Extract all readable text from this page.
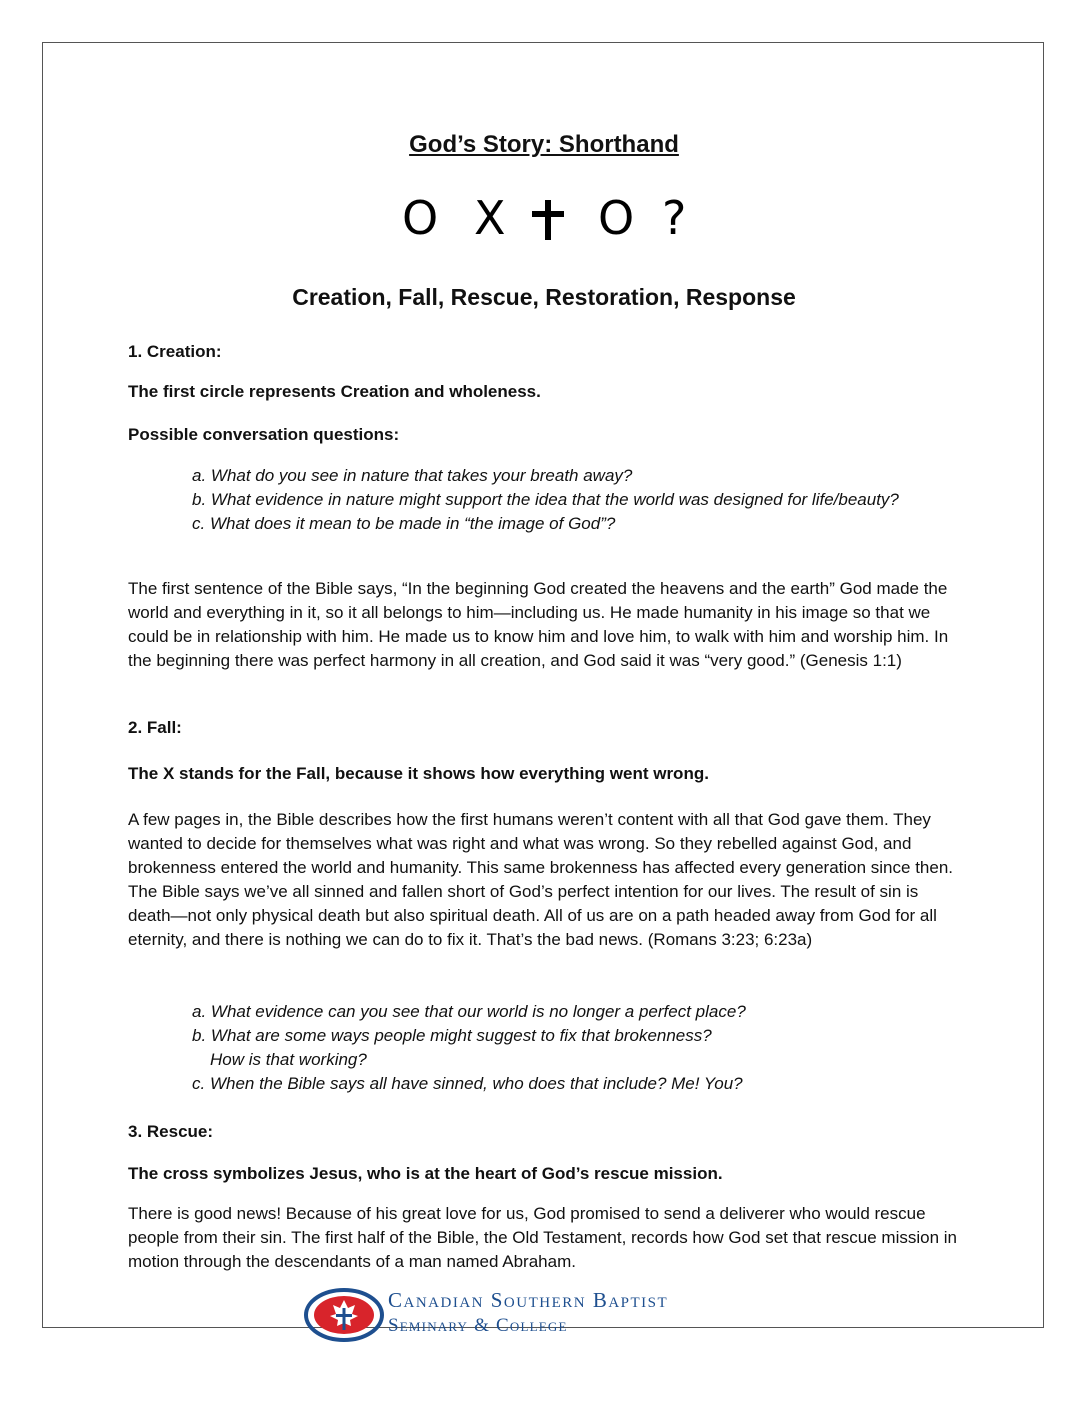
God’s Story: Shorthand
O X O ?
Creation, Fall, Rescue, Restoration, Response

1. Creation:

The first circle represents Creation and wholeness.

Possible conversation questions:

a. What do you see in nature that takes your breath away?

b. What evidence in nature might support the idea that the world was designed for life/beauty?

c. What does it mean to be made in “the image of God”?

The first sentence of the Bible says, “In the beginning God created the heavens and the earth” God made the world and everything in it, so it all belongs to him—including us. He made humanity in his image so that we could be in relationship with him. He made us to know him and love him, to walk with him and worship him. In the beginning there was perfect harmony in all creation, and God said it was “very good.” (Genesis 1:1)

2. Fall:

The X stands for the Fall, because it shows how everything went wrong.

A few pages in, the Bible describes how the first humans weren’t content with all that God gave them. They wanted to decide for themselves what was right and what was wrong. So they rebelled against God, and brokenness entered the world and humanity. This same brokenness has affected every generation since then. The Bible says we’ve all sinned and fallen short of God’s perfect intention for our lives. The result of sin is death—not only physical death but also spiritual death. All of us are on a path headed away from God for all eternity, and there is nothing we can do to fix it. That’s the bad news. (Romans 3:23; 6:23a)

a. What evidence can you see that our world is no longer a perfect place?

b. What are some ways people might suggest to fix that brokenness?

How is that working?

c. When the Bible says all have sinned, who does that include? Me! You?

3. Rescue:

The cross symbolizes Jesus, who is at the heart of God’s rescue mission.

There is good news! Because of his great love for us, God promised to send a deliverer who would rescue people from their sin. The first half of the Bible, the Old Testament, records how God set that rescue mission in motion through the descendants of a man named Abraham.

Canadian Southern Baptist
Seminary & College
